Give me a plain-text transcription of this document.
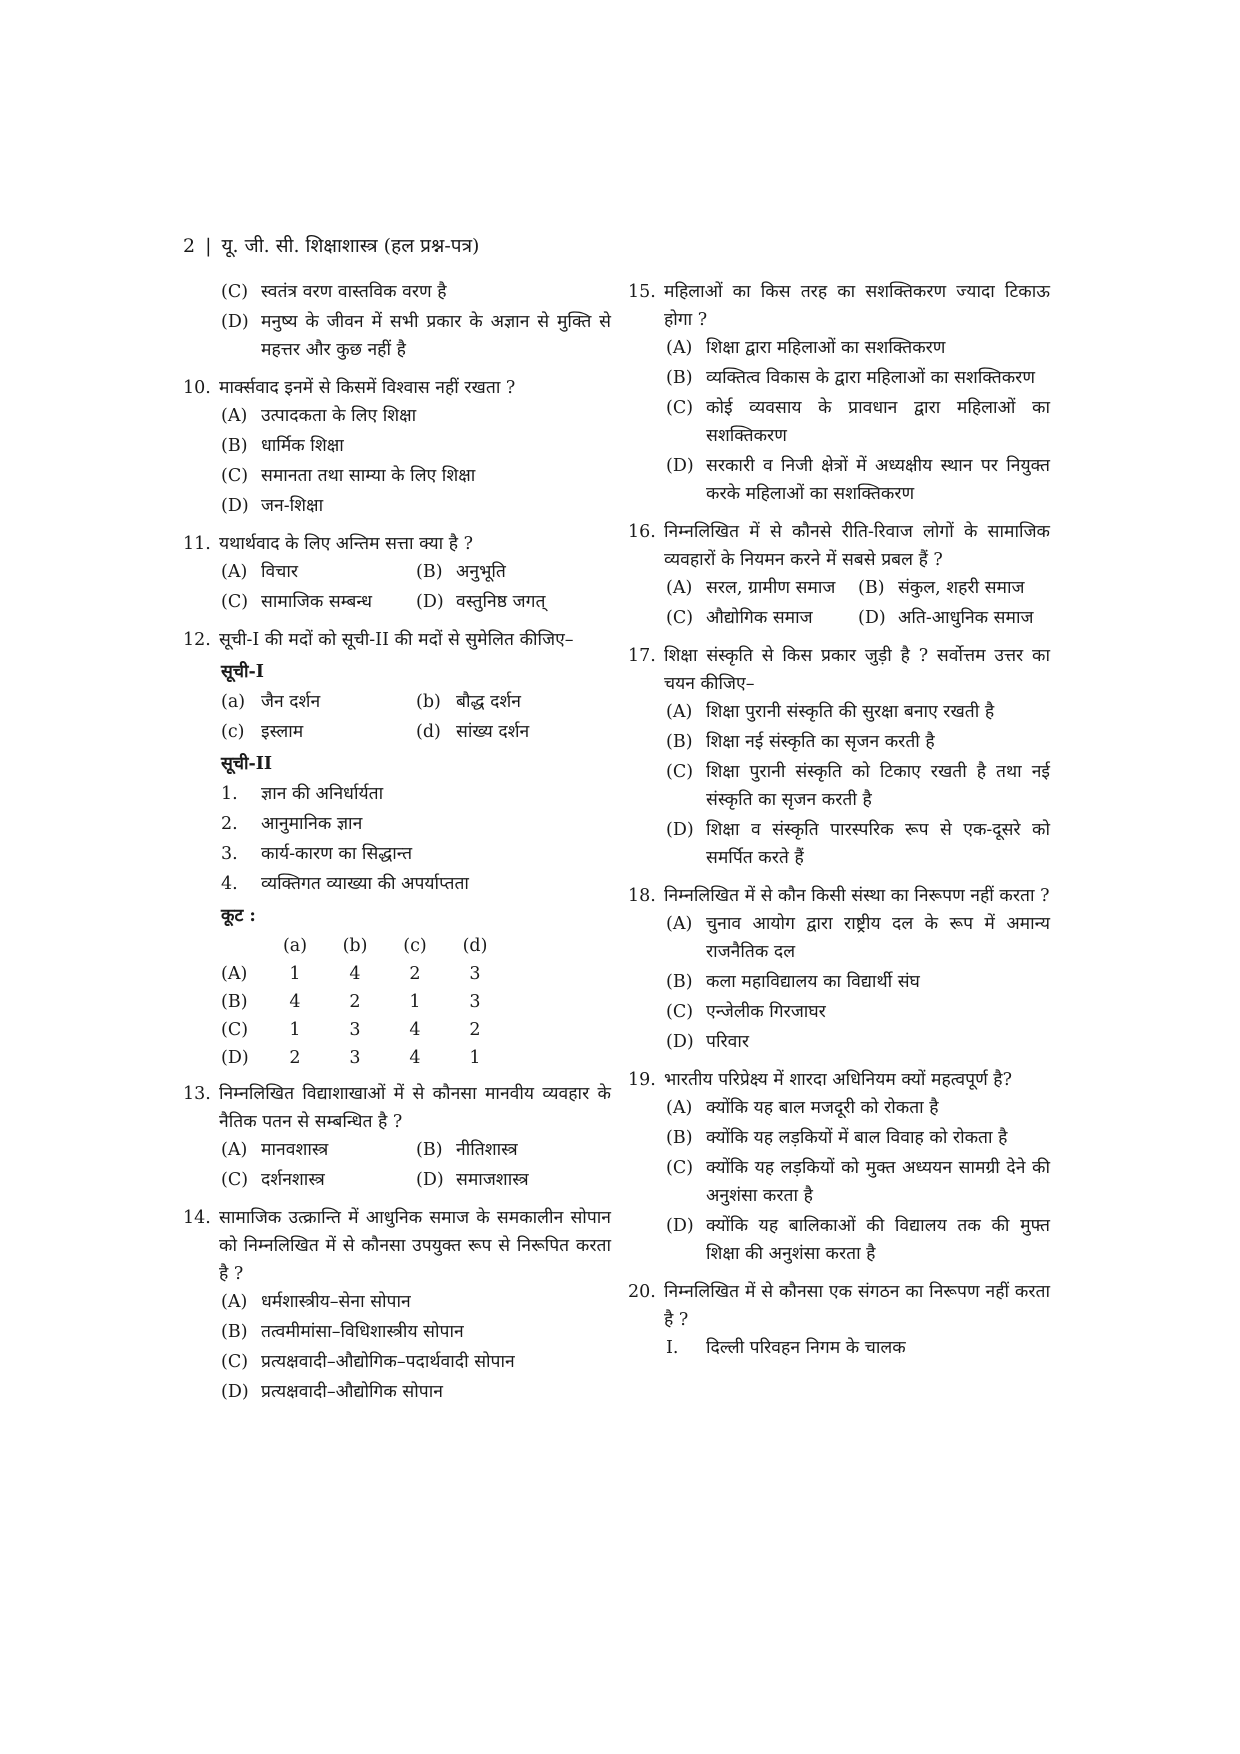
2 | यू. जी. सी. शिक्षाशास्त्र (हल प्रश्न-पत्र)
(C) स्वतंत्र वरण वास्तविक वरण है
(D) मनुष्य के जीवन में सभी प्रकार के अज्ञान से मुक्ति से महत्तर और कुछ नहीं है
10. मार्क्सवाद इनमें से किसमें विश्वास नहीं रखता ?
(A) उत्पादकता के लिए शिक्षा
(B) धार्मिक शिक्षा
(C) समानता तथा साम्या के लिए शिक्षा
(D) जन-शिक्षा
11. यथार्थवाद के लिए अन्तिम सत्ता क्या है ?
(A) विचार	(B) अनुभूति
(C) सामाजिक सम्बन्ध	(D) वस्तुनिष्ठ जगत्
12. सूची-I की मदों को सूची-II की मदों से सुमेलित कीजिए–
सूची-I
(a) जैन दर्शन	(b) बौद्ध दर्शन
(c) इस्लाम	(d) सांख्य दर्शन
सूची-II
1. ज्ञान की अनिर्धार्यता
2. आनुमानिक ज्ञान
3. कार्य-कारण का सिद्धान्त
4. व्यक्तिगत व्याख्या की अपर्याप्तता
कूट :
	(a)	(b)	(c)	(d)
(A)	1	4	2	3
(B)	4	2	1	3
(C)	1	3	4	2
(D)	2	3	4	1
13. निम्नलिखित विद्याशाखाओं में से कौनसा मानवीय व्यवहार के नैतिक पतन से सम्बन्धित है ?
(A) मानवशास्त्र	(B) नीतिशास्त्र
(C) दर्शनशास्त्र	(D) समाजशास्त्र
14. सामाजिक उत्क्रान्ति में आधुनिक समाज के समकालीन सोपान को निम्नलिखित में से कौनसा उपयुक्त रूप से निरूपित करता है ?
(A) धर्मशास्त्रीय–सेना सोपान
(B) तत्वमीमांसा–विधिशास्त्रीय सोपान
(C) प्रत्यक्षवादी–औद्योगिक–पदार्थवादी सोपान
(D) प्रत्यक्षवादी–औद्योगिक सोपान
15. महिलाओं का किस तरह का सशक्तिकरण ज्यादा टिकाऊ होगा ?
(A) शिक्षा द्वारा महिलाओं का सशक्तिकरण
(B) व्यक्तित्व विकास के द्वारा महिलाओं का सशक्तिकरण
(C) कोई व्यवसाय के प्रावधान द्वारा महिलाओं का सशक्तिकरण
(D) सरकारी व निजी क्षेत्रों में अध्यक्षीय स्थान पर नियुक्त करके महिलाओं का सशक्तिकरण
16. निम्नलिखित में से कौनसे रीति-रिवाज लोगों के सामाजिक व्यवहारों के नियमन करने में सबसे प्रबल हैं ?
(A) सरल, ग्रामीण समाज	(B) संकुल, शहरी समाज
(C) औद्योगिक समाज	(D) अति-आधुनिक समाज
17. शिक्षा संस्कृति से किस प्रकार जुड़ी है ? सर्वोत्तम उत्तर का चयन कीजिए–
(A) शिक्षा पुरानी संस्कृति की सुरक्षा बनाए रखती है
(B) शिक्षा नई संस्कृति का सृजन करती है
(C) शिक्षा पुरानी संस्कृति को टिकाए रखती है तथा नई संस्कृति का सृजन करती है
(D) शिक्षा व संस्कृति पारस्परिक रूप से एक-दूसरे को समर्पित करते हैं
18. निम्नलिखित में से कौन किसी संस्था का निरूपण नहीं करता ?
(A) चुनाव आयोग द्वारा राष्ट्रीय दल के रूप में अमान्य राजनैतिक दल
(B) कला महाविद्यालय का विद्यार्थी संघ
(C) एन्जेलीक गिरजाघर
(D) परिवार
19. भारतीय परिप्रेक्ष्य में शारदा अधिनियम क्यों महत्वपूर्ण है?
(A) क्योंकि यह बाल मजदूरी को रोकता है
(B) क्योंकि यह लड़कियों में बाल विवाह को रोकता है
(C) क्योंकि यह लड़कियों को मुक्त अध्ययन सामग्री देने की अनुशंसा करता है
(D) क्योंकि यह बालिकाओं की विद्यालय तक की मुफ्त शिक्षा की अनुशंसा करता है
20. निम्नलिखित में से कौनसा एक संगठन का निरूपण नहीं करता है ?
I. दिल्ली परिवहन निगम के चालक
